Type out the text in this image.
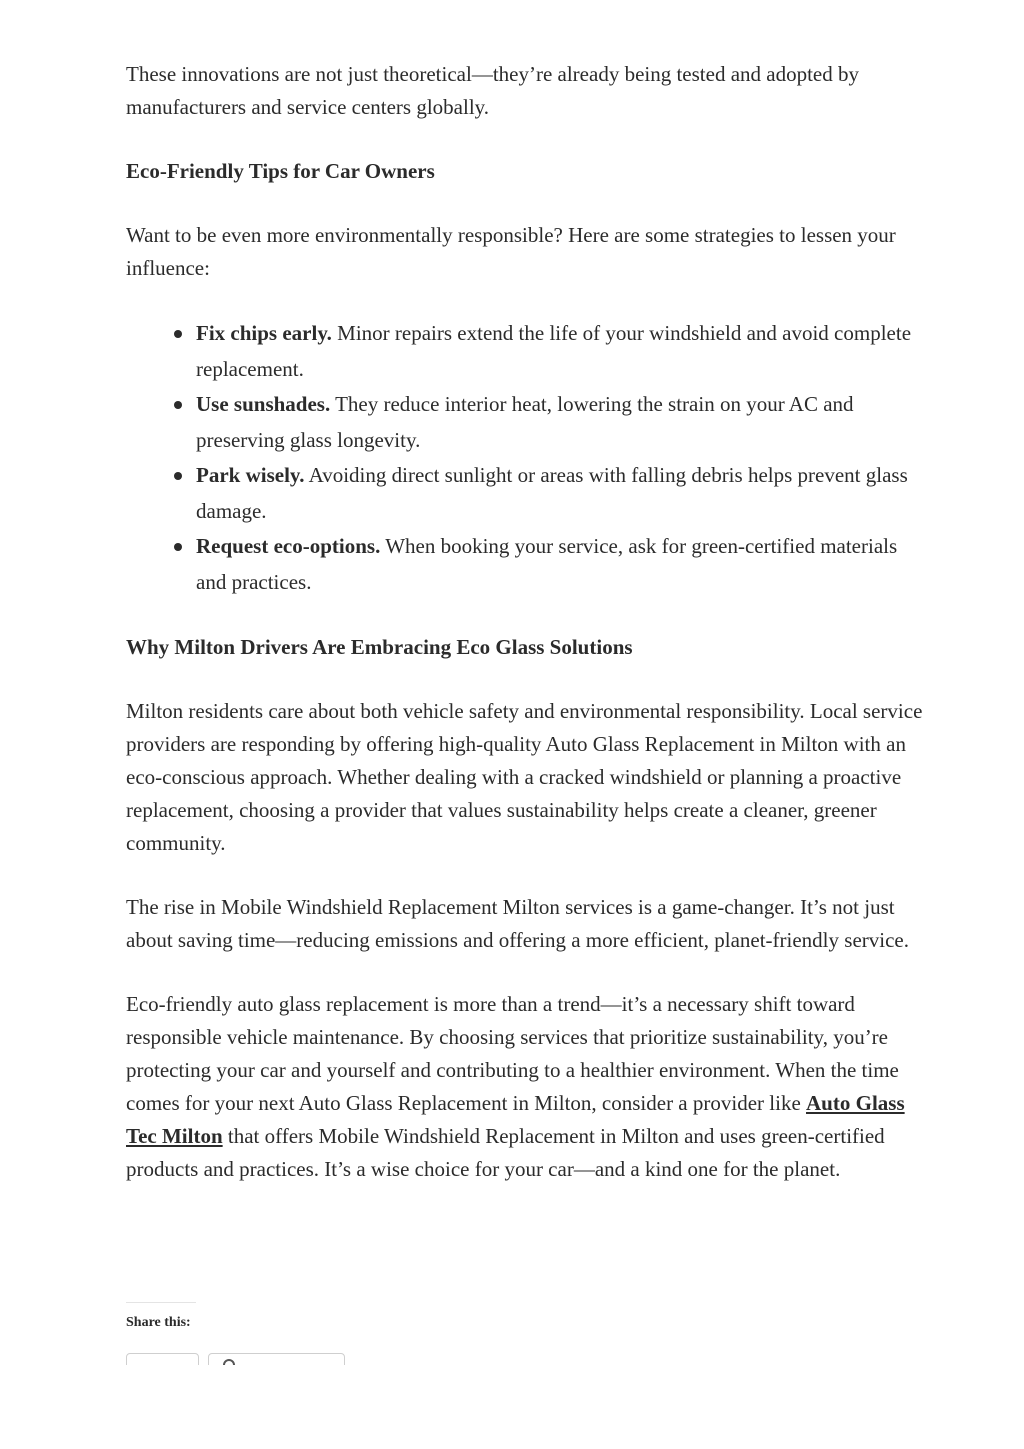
These innovations are not just theoretical—they’re already being tested and adopted by manufacturers and service centers globally.

Eco-Friendly Tips for Car Owners

Want to be even more environmentally responsible? Here are some strategies to lessen your influence:

Fix chips early. Minor repairs extend the life of your windshield and avoid complete replacement.
Use sunshades. They reduce interior heat, lowering the strain on your AC and preserving glass longevity.
Park wisely. Avoiding direct sunlight or areas with falling debris helps prevent glass damage.
Request eco-options. When booking your service, ask for green-certified materials and practices.
Why Milton Drivers Are Embracing Eco Glass Solutions

Milton residents care about both vehicle safety and environmental responsibility. Local service providers are responding by offering high-quality Auto Glass Replacement in Milton with an eco-conscious approach. Whether dealing with a cracked windshield or planning a proactive replacement, choosing a provider that values sustainability helps create a cleaner, greener community.

The rise in Mobile Windshield Replacement Milton services is a game-changer. It’s not just about saving time—reducing emissions and offering a more efficient, planet-friendly service.

Eco-friendly auto glass replacement is more than a trend—it’s a necessary shift toward responsible vehicle maintenance. By choosing services that prioritize sustainability, you’re protecting your car and yourself and contributing to a healthier environment. When the time comes for your next Auto Glass Replacement in Milton, consider a provider like Auto Glass Tec Milton that offers Mobile Windshield Replacement in Milton and uses green-certified products and practices. It’s a wise choice for your car—and a kind one for the planet.

Share this:
